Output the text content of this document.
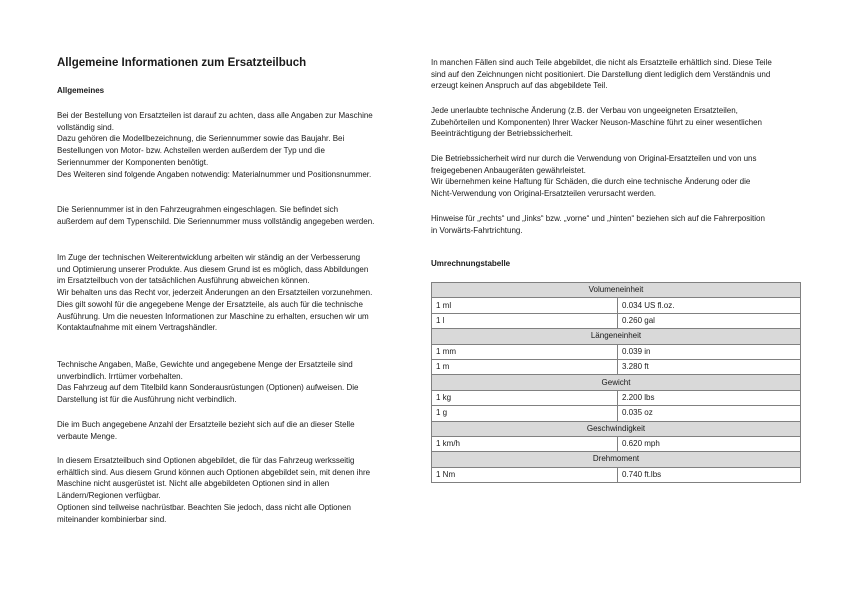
Allgemeine Informationen zum Ersatzteilbuch
Allgemeines

Bei der Bestellung von Ersatzteilen ist darauf zu achten, dass alle Angaben zur Maschine vollständig sind.
Dazu gehören die Modellbezeichnung, die Seriennummer sowie das Baujahr. Bei Bestellungen von Motor- bzw. Achsteilen werden außerdem der Typ und die Seriennummer der Komponenten benötigt.
Des Weiteren sind folgende Angaben notwendig: Materialnummer und Positionsnummer.

Die Seriennummer ist in den Fahrzeugrahmen eingeschlagen. Sie befindet sich außerdem auf dem Typenschild. Die Seriennummer muss vollständig angegeben werden.

Im Zuge der technischen Weiterentwicklung arbeiten wir ständig an der Verbesserung und Optimierung unserer Produkte. Aus diesem Grund ist es möglich, dass Abbildungen im Ersatzteilbuch von der tatsächlichen Ausführung abweichen können.
Wir behalten uns das Recht vor, jederzeit Änderungen an den Ersatzteilen vorzunehmen. Dies gilt sowohl für die angegebene Menge der Ersatzteile, als auch für die technische Ausführung. Um die neuesten Informationen zur Maschine zu erhalten, ersuchen wir um Kontaktaufnahme mit einem Vertragshändler.

Technische Angaben, Maße, Gewichte und angegebene Menge der Ersatzteile sind unverbindlich. Irrtümer vorbehalten.
Das Fahrzeug auf dem Titelbild kann Sonderausrüstungen (Optionen) aufweisen. Die Darstellung ist für die Ausführung nicht verbindlich.

Die im Buch angegebene Anzahl der Ersatzteile bezieht sich auf die an dieser Stelle verbaute Menge.

In diesem Ersatzteilbuch sind Optionen abgebildet, die für das Fahrzeug werksseitig erhältlich sind. Aus diesem Grund können auch Optionen abgebildet sein, mit denen ihre Maschine nicht ausgerüstet ist. Nicht alle abgebildeten Optionen sind in allen Ländern/Regionen verfügbar.
Optionen sind teilweise nachrüstbar. Beachten Sie jedoch, dass nicht alle Optionen miteinander kombinierbar sind.

In manchen Fällen sind auch Teile abgebildet, die nicht als Ersatzteile erhältlich sind. Diese Teile sind auf den Zeichnungen nicht positioniert. Die Darstellung dient lediglich dem Verständnis und erzeugt keinen Anspruch auf das abgebildete Teil.

Jede unerlaubte technische Änderung (z.B. der Verbau von ungeeigneten Ersatzteilen, Zubehörteilen und Komponenten) Ihrer Wacker Neuson-Maschine führt zu einer wesentlichen Beeinträchtigung der Betriebssicherheit.

Die Betriebssicherheit wird nur durch die Verwendung von Original-Ersatzteilen und von uns freigegebenen Anbaugeräten gewährleistet.
Wir übernehmen keine Haftung für Schäden, die durch eine technische Änderung oder die Nicht-Verwendung von Original-Ersatzteilen verursacht werden.

Hinweise für „rechts“ und „links“ bzw. „vorne“ und „hinten“ beziehen sich auf die Fahrerposition in Vorwärts-Fahrtrichtung.

Umrechnungstabelle
Volumeneinheit	
1 ml	0.034 US fl.oz.
1 l	0.260 gal
Längeneinheit	
1 mm	0.039 in
1 m	3.280 ft
Gewicht	
1 kg	2.200 lbs
1 g	0.035 oz
Geschwindigkeit	
1 km/h	0.620 mph
Drehmoment	
1 Nm	0.740 ft.lbs
